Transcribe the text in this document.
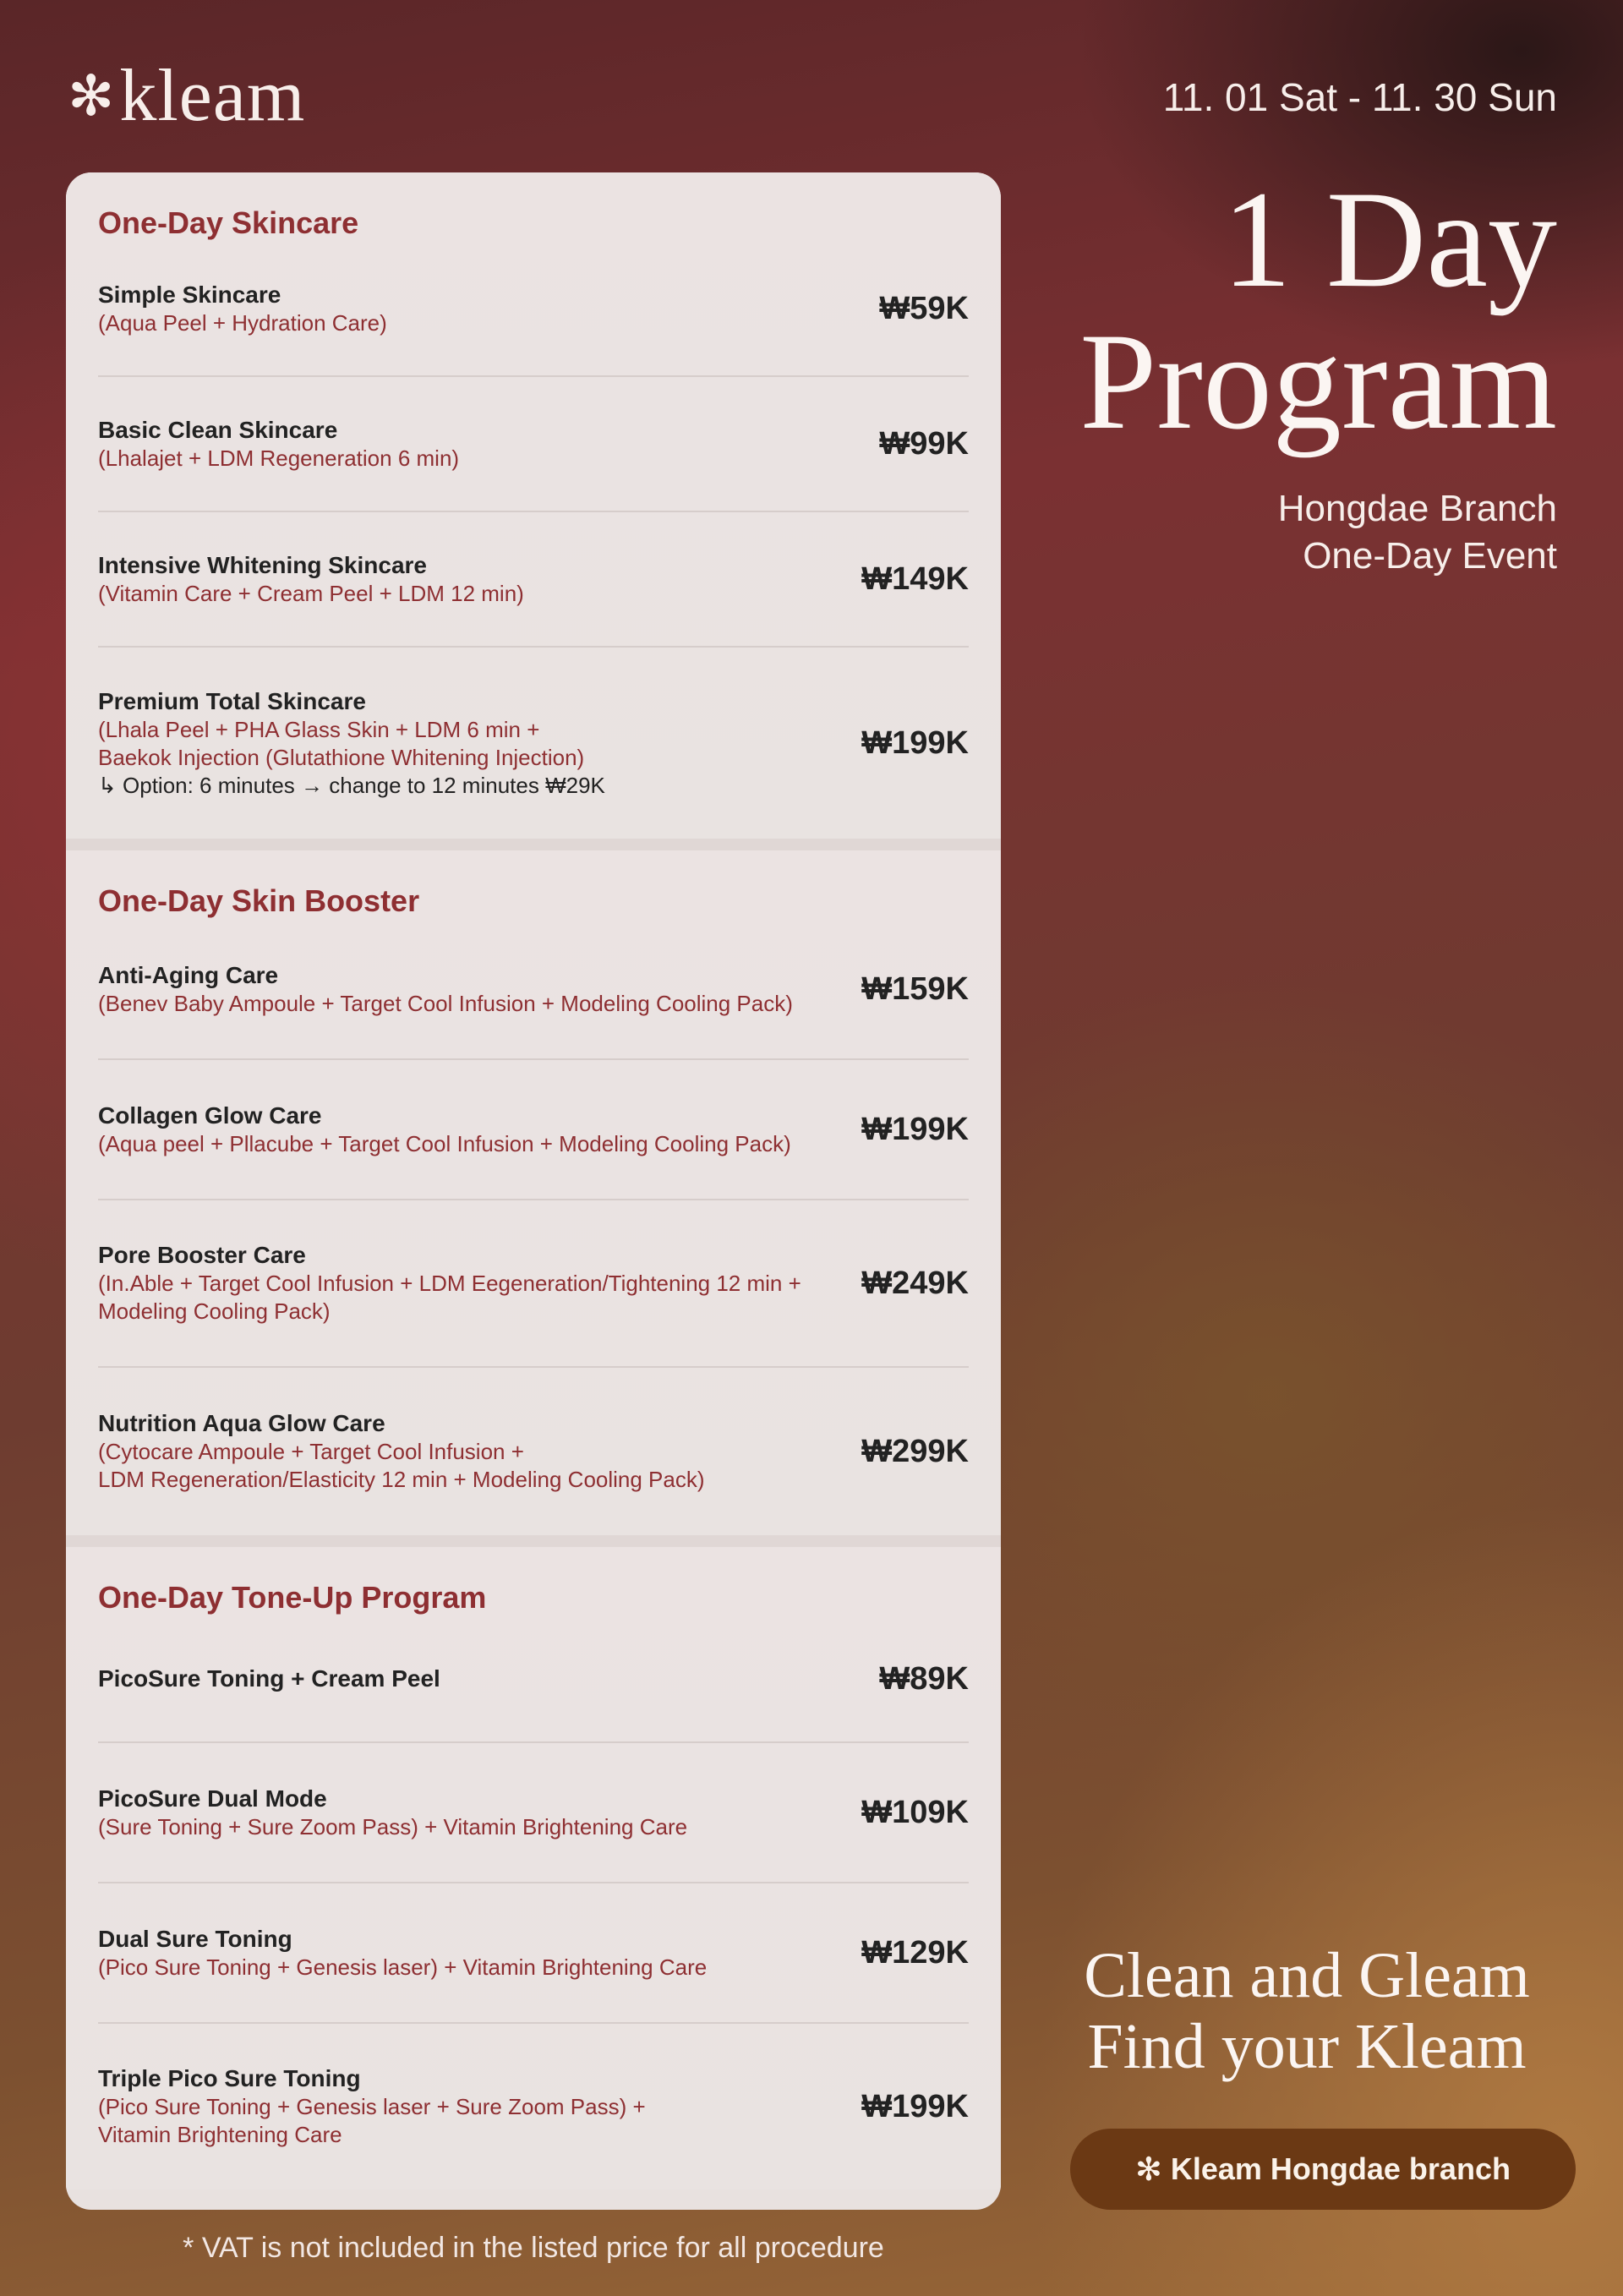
✻ kleam	11. 01 Sat - 11. 30 Sun
1 Day
Program
Hongdae Branch
One-Day Event
One-Day Skincare
Simple Skincare
(Aqua Peel + Hydration Care)	₩59K
Basic Clean Skincare
(Lhalajet + LDM Regeneration 6 min)	₩99K
Intensive Whitening Skincare
(Vitamin Care + Cream Peel + LDM 12 min)	₩149K
Premium Total Skincare
(Lhala Peel + PHA Glass Skin + LDM 6 min +
Baekok Injection (Glutathione Whitening Injection)
↳ Option: 6 minutes → change to 12 minutes ₩29K
₩199K
One-Day Skin Booster
Anti-Aging Care
(Benev Baby Ampoule + Target Cool Infusion + Modeling Cooling Pack)	₩159K
Collagen Glow Care
(Aqua peel + Pllacube + Target Cool Infusion + Modeling Cooling Pack)	₩199K
Pore Booster Care
(In.Able + Target Cool Infusion + LDM Eegeneration/Tightening 12 min +
Modeling Cooling Pack)
₩249K
Nutrition Aqua Glow Care
(Cytocare Ampoule + Target Cool Infusion +
LDM Regeneration/Elasticity 12 min + Modeling Cooling Pack)
₩299K
One-Day Tone-Up Program
PicoSure Toning + Cream Peel	₩89K
PicoSure Dual Mode
(Sure Toning + Sure Zoom Pass) + Vitamin Brightening Care	₩109K
Dual Sure Toning
(Pico Sure Toning + Genesis laser) + Vitamin Brightening Care	₩129K
Triple Pico Sure Toning
(Pico Sure Toning + Genesis laser + Sure Zoom Pass) +
Vitamin Brightening Care
₩199K
Clean and Gleam
Find your Kleam
✻ Kleam Hongdae branch
* VAT is not included in the listed price for all procedure
